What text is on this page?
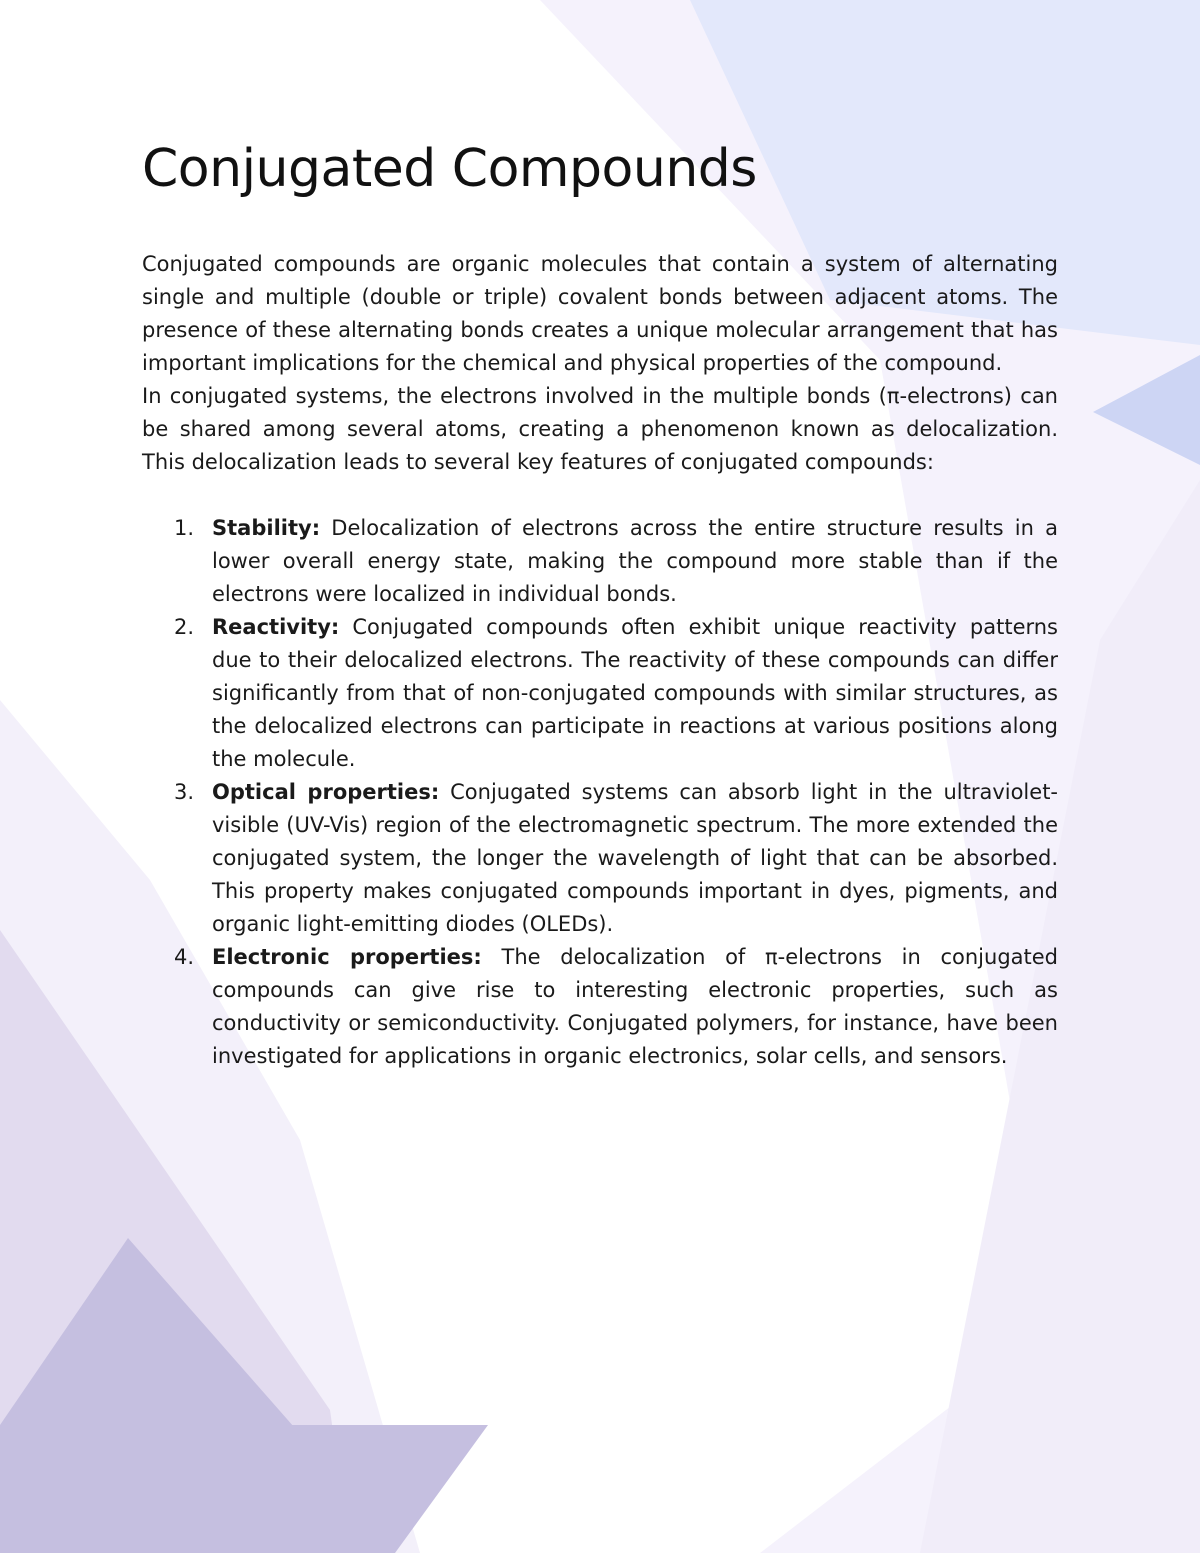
Conjugated Compounds

Conjugated compounds are organic molecules that contain a system of alternating single and multiple (double or triple) covalent bonds between adjacent atoms. The presence of these alternating bonds creates a unique molecular arrangement that has important implications for the chemical and physical properties of the compound.

In conjugated systems, the electrons involved in the multiple bonds (π-electrons) can be shared among several atoms, creating a phenomenon known as delocalization. This delocalization leads to several key features of conjugated compounds:

1. Stability: Delocalization of electrons across the entire structure results in a lower overall energy state, making the compound more stable than if the electrons were localized in individual bonds.
2. Reactivity: Conjugated compounds often exhibit unique reactivity patterns due to their delocalized electrons. The reactivity of these compounds can differ significantly from that of non-conjugated compounds with similar structures, as the delocalized electrons can participate in reactions at various positions along the molecule.
3. Optical properties: Conjugated systems can absorb light in the ultraviolet-visible (UV-Vis) region of the electromagnetic spectrum. The more extended the conjugated system, the longer the wavelength of light that can be absorbed. This property makes conjugated compounds important in dyes, pigments, and organic light-emitting diodes (OLEDs).
4. Electronic properties: The delocalization of π-electrons in conjugated compounds can give rise to interesting electronic properties, such as conductivity or semiconductivity. Conjugated polymers, for instance, have been investigated for applications in organic electronics, solar cells, and sensors.
